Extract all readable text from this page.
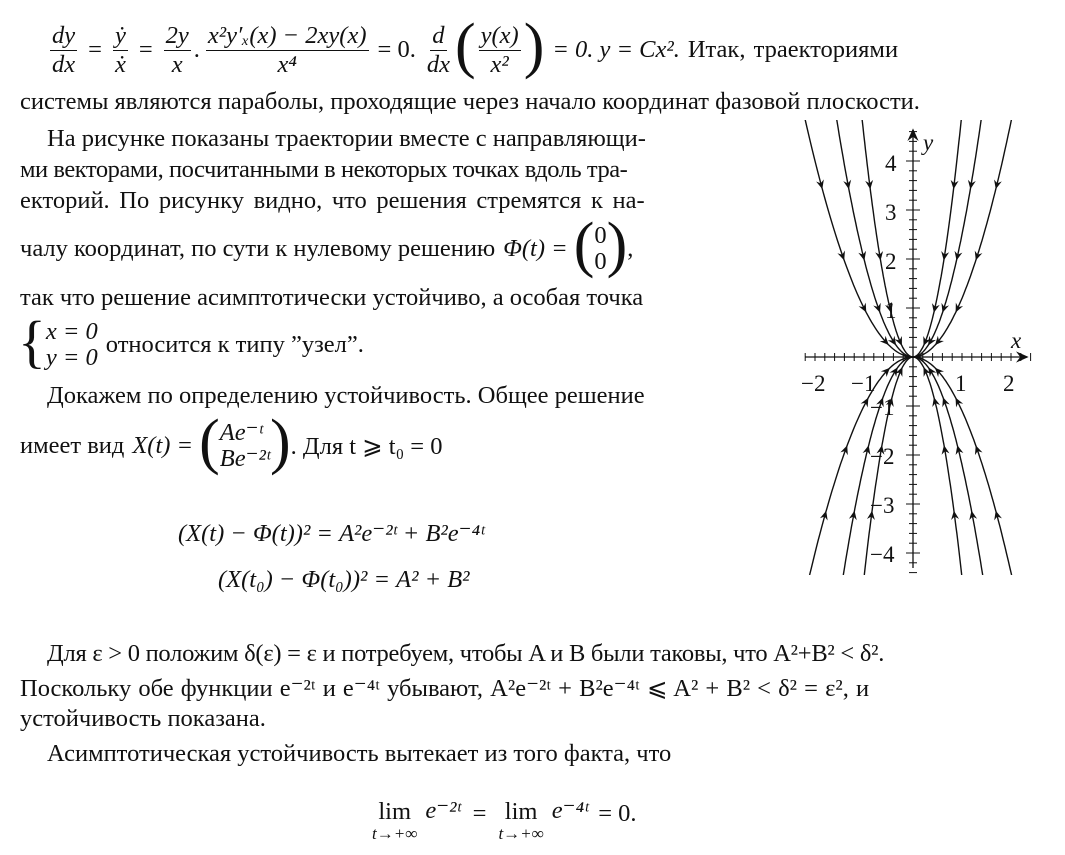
$\frac{dy}{dx} = \frac{\text{ẏ}}{\text{ẋ}} = \frac{2y}{x}$ . $\frac{\text{x²y′ₓ(x) − 2xy(x)}}{\text{x⁴}} = 0$. $\frac{d}{dx}$ ( $\frac{y(x)}{\text{x²}}$ ) = 0. y = Cx². Итак, траекториями
системы являются параболы, проходящие через начало координат фазовой плоскости.
На рисунке показаны траектории вместе с направляющи-
ми векторами, посчитанными в некоторых точках вдоль тра-
екторий. По рисунку видно, что решения стремятся к на-
чалу координат, по сути к нулевому решению Φ(t) = ( 0
0 ) ,
так что решение асимптотически устойчиво, а особая точка
{ x = 0
y = 0 относится к типу ”узел”.
Докажем по определению устойчивость. Общее решение
имеет вид X(t) = ( Ae⁻ᵗ
Be⁻²ᵗ ) . Для t ⩾ t₀ = 0
(X(t) − Φ(t))² = A²e⁻²ᵗ + B²e⁻⁴ᵗ
(X(t₀) − Φ(t₀))² = A² + B²
Для ε > 0 положим δ(ε) = ε и потребуем, чтобы A и B были таковы, что A²+B² < δ².
Поскольку обе функции e⁻²ᵗ и e⁻⁴ᵗ убывают, A²e⁻²ᵗ + B²e⁻⁴ᵗ ⩽ A² + B² < δ² = ε², и
устойчивость показана.
Асимптотическая устойчивость вытекает из того факта, что
lim
t→+∞
e⁻²ᵗ = lim
t→+∞
e⁻⁴ᵗ = 0.
y
x
−2 −1	1 2
4
3
2
1
−1
−2
−3
−4
